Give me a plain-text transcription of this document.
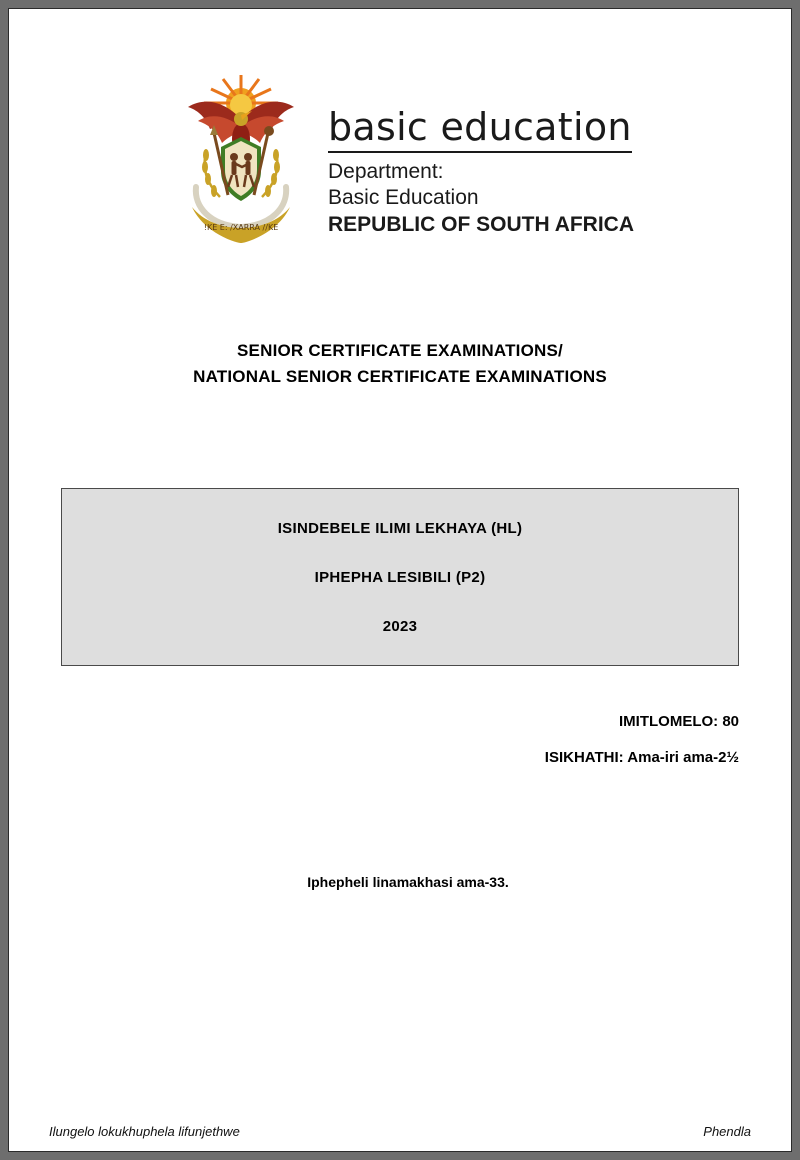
!KE E: /XARRA //KE
basic education
Department:
Basic Education
REPUBLIC OF SOUTH AFRICA
SENIOR CERTIFICATE EXAMINATIONS/
NATIONAL SENIOR CERTIFICATE EXAMINATIONS
ISINDEBELE ILIMI LEKHAYA (HL)
IPHEPHA LESIBILI (P2)
2023
IMITLOMELO: 80
ISIKHATHI: Ama-iri ama-2½
Iphepheli linamakhasi ama-33.
Ilungelo lokukhuphela lifunjethwe	Phendla
